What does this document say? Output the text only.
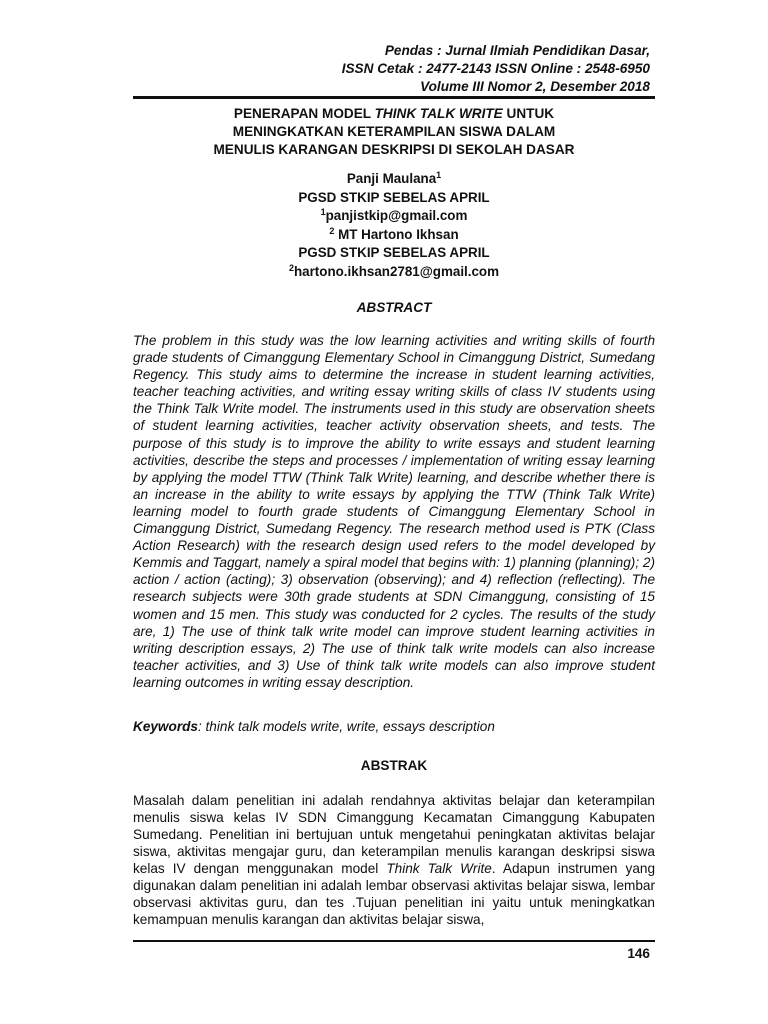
Pendas : Jurnal Ilmiah Pendidikan Dasar,
ISSN Cetak : 2477-2143 ISSN Online : 2548-6950
Volume III Nomor 2, Desember 2018
PENERAPAN MODEL THINK TALK WRITE UNTUK
MENINGKATKAN KETERAMPILAN SISWA DALAM
MENULIS KARANGAN DESKRIPSI DI SEKOLAH DASAR
Panji Maulana$^1$
PGSD STKIP SEBELAS APRIL
$^1$panjistkip@gmail.com
$^2$ MT Hartono Ikhsan
PGSD STKIP SEBELAS APRIL
$^2$hartono.ikhsan2781@gmail.com
ABSTRACT

The problem in this study was the low learning activities and writing skills of fourth grade students of Cimanggung Elementary School in Cimanggung District, Sumedang Regency. This study aims to determine the increase in student learning activities, teacher teaching activities, and writing essay writing skills of class IV students using the Think Talk Write model. The instruments used in this study are observation sheets of student learning activities, teacher activity observation sheets, and tests. The purpose of this study is to improve the ability to write essays and student learning activities, describe the steps and processes / implementation of writing essay learning by applying the model TTW (Think Talk Write) learning, and describe whether there is an increase in the ability to write essays by applying the TTW (Think Talk Write) learning model to fourth grade students of Cimanggung Elementary School in Cimanggung District, Sumedang Regency. The research method used is PTK (Class Action Research) with the research design used refers to the model developed by Kemmis and Taggart, namely a spiral model that begins with: 1) planning (planning); 2) action / action (acting); 3) observation (observing); and 4) reflection (reflecting). The research subjects were 30th grade students at SDN Cimanggung, consisting of 15 women and 15 men. This study was conducted for 2 cycles. The results of the study are, 1) The use of think talk write model can improve student learning activities in writing description essays, 2) The use of think talk write models can also increase teacher activities, and 3) Use of think talk write models can also improve student learning outcomes in writing essay description.

Keywords: think talk models write, write, essays description
ABSTRAK

Masalah dalam penelitian ini adalah rendahnya aktivitas belajar dan keterampilan menulis siswa kelas IV SDN Cimanggung Kecamatan Cimanggung Kabupaten Sumedang. Penelitian ini bertujuan untuk mengetahui peningkatan aktivitas belajar siswa, aktivitas mengajar guru, dan keterampilan menulis karangan deskripsi siswa kelas IV dengan menggunakan model Think Talk Write. Adapun instrumen yang digunakan dalam penelitian ini adalah lembar observasi aktivitas belajar siswa, lembar observasi aktivitas guru, dan tes .Tujuan penelitian ini yaitu untuk meningkatkan kemampuan menulis karangan dan aktivitas belajar siswa,

146
